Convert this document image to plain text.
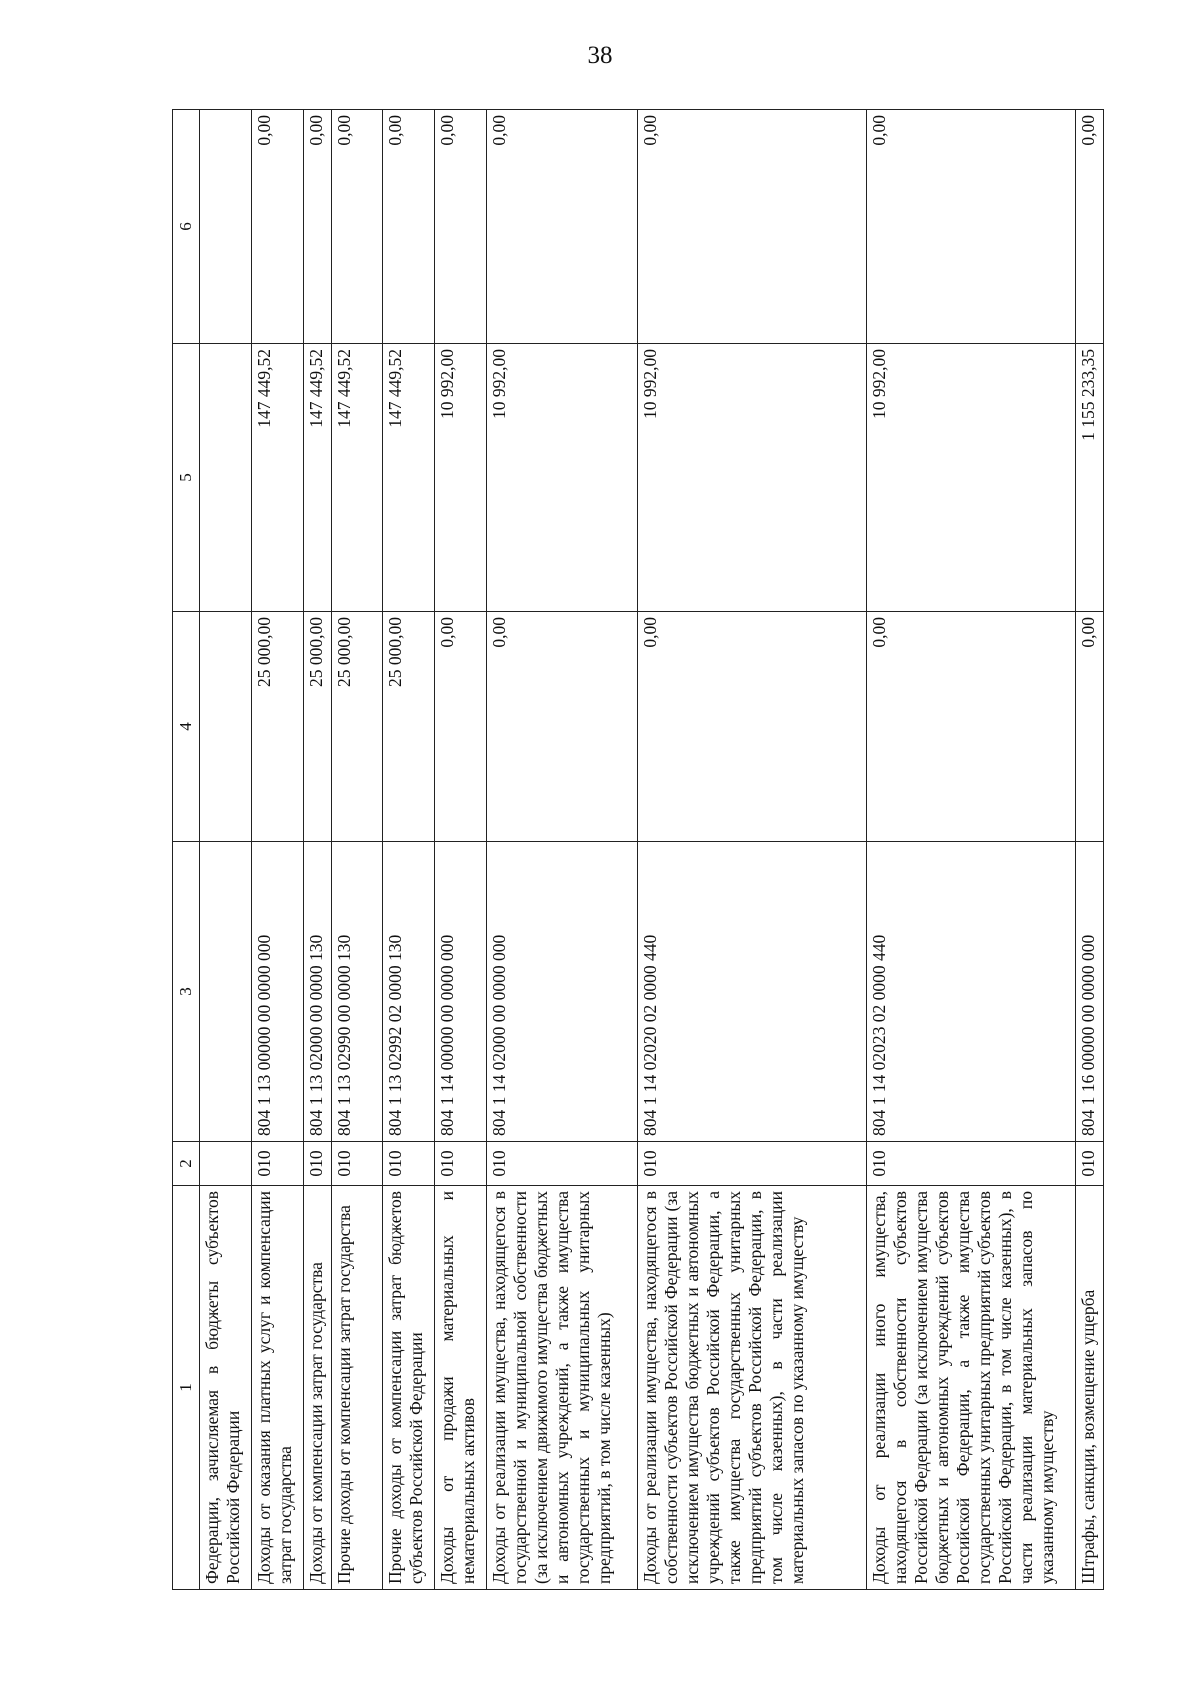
38
1	2	3	4	5	6
Федерации, зачисляемая в бюджеты субъектов Российской Федерации					
Доходы от оказания платных услуг и компенсации затрат государства	010	804 1 13 00000 00 0000 000	25 000,00	147 449,52	0,00
Доходы от компенсации затрат государства	010	804 1 13 02000 00 0000 130	25 000,00	147 449,52	0,00
Прочие доходы от компенсации затрат государства	010	804 1 13 02990 00 0000 130	25 000,00	147 449,52	0,00
Прочие доходы от компенсации затрат бюджетов субъектов Российской Федерации	010	804 1 13 02992 02 0000 130	25 000,00	147 449,52	0,00
Доходы от продажи материальных и нематериальных активов	010	804 1 14 00000 00 0000 000	0,00	10 992,00	0,00
Доходы от реализации имущества, находящегося в государственной и муниципальной собственности (за исключением движимого имущества бюджетных и автономных учреждений, а также имущества государственных и муниципальных унитарных предприятий, в том числе казенных)	010	804 1 14 02000 00 0000 000	0,00	10 992,00	0,00
Доходы от реализации имущества, находящегося в собственности субъектов Российской Федерации (за исключением имущества бюджетных и автономных учреждений субъектов Российской Федерации, а также имущества государственных унитарных предприятий субъектов Российской Федерации, в том числе казенных), в части реализации материальных запасов по указанному имуществу	010	804 1 14 02020 02 0000 440	0,00	10 992,00	0,00
Доходы от реализации иного имущества, находящегося в собственности субъектов Российской Федерации (за исключением имущества бюджетных и автономных учреждений субъектов Российской Федерации, а также имущества государственных унитарных предприятий субъектов Российской Федерации, в том числе казенных), в части реализации материальных запасов по указанному имуществу	010	804 1 14 02023 02 0000 440	0,00	10 992,00	0,00
Штрафы, санкции, возмещение ущерба	010	804 1 16 00000 00 0000 000	0,00	1 155 233,35	0,00
